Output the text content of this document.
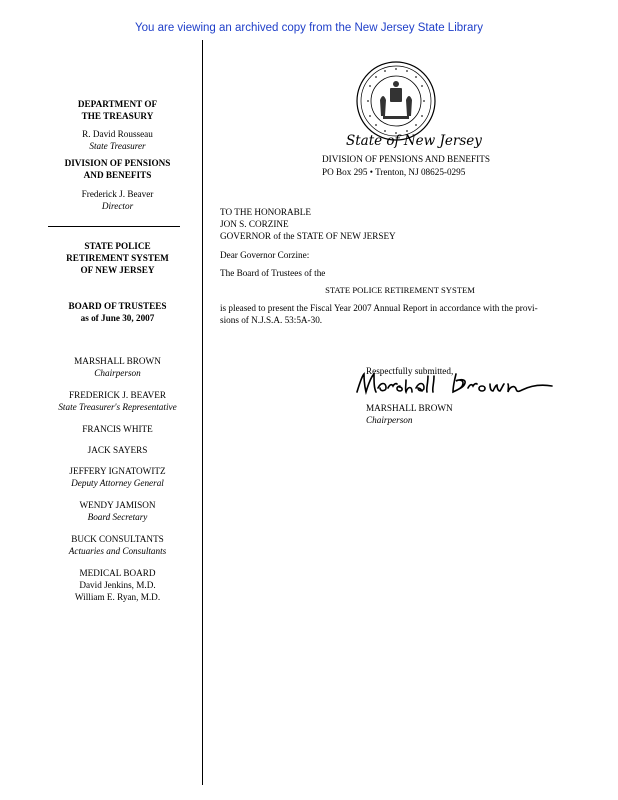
You are viewing an archived copy from the New Jersey State Library
DEPARTMENT OF
THE TREASURY
R. David Rousseau
State Treasurer
DIVISION OF PENSIONS
AND BENEFITS
Frederick J. Beaver
Director
STATE POLICE
RETIREMENT SYSTEM
OF NEW JERSEY
BOARD OF TRUSTEES
as of June 30, 2007
MARSHALL BROWN
Chairperson
FREDERICK J. BEAVER
State Treasurer's Representative
FRANCIS WHITE
JACK SAYERS
JEFFERY IGNATOWITZ
Deputy Attorney General
WENDY JAMISON
Board Secretary
BUCK CONSULTANTS
Actuaries and Consultants
MEDICAL BOARD
David Jenkins, M.D.
William E. Ryan, M.D.
State of New Jersey
DIVISION OF PENSIONS AND BENEFITS
PO Box 295 • Trenton, NJ 08625-0295
TO THE HONORABLE
JON S. CORZINE
GOVERNOR of the STATE OF NEW JERSEY
Dear Governor Corzine:
The Board of Trustees of the
STATE POLICE RETIREMENT SYSTEM
is pleased to present the Fiscal Year 2007 Annual Report in accordance with the provi-
sions of N.J.S.A. 53:5A-30.
Respectfully submitted,
MARSHALL BROWN
Chairperson
